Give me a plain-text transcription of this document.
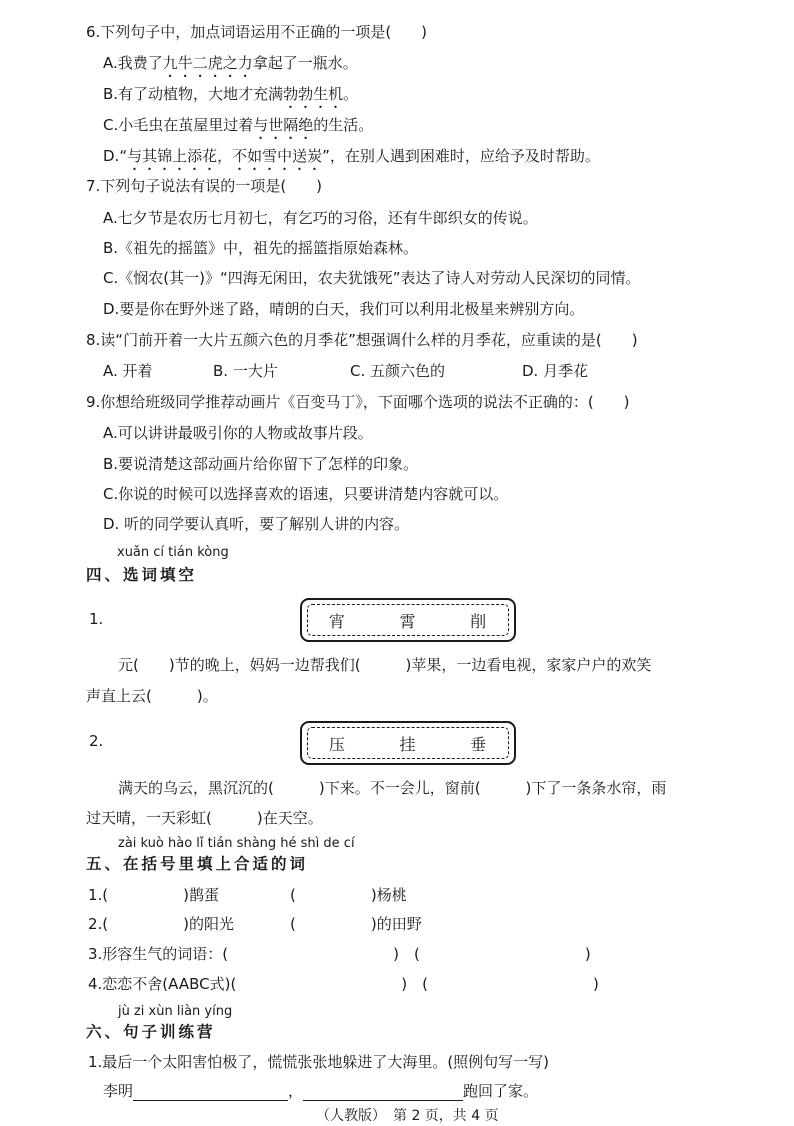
6.下列句子中，加点词语运用不正确的一项是(　　)
A.我费了九牛二虎之力拿起了一瓶水。
B.有了动植物，大地才充满勃勃生机。
C.小毛虫在茧屋里过着与世隔绝的生活。
D.“与其锦上添花，不如雪中送炭”，在别人遇到困难时，应给予及时帮助。
7.下列句子说法有误的一项是(　　)
A.七夕节是农历七月初七，有乞巧的习俗，还有牛郎织女的传说。
B.《祖先的摇篮》中，祖先的摇篮指原始森林。
C.《悯农(其一)》“四海无闲田，农夫犹饿死”表达了诗人对劳动人民深切的同情。
D.要是你在野外迷了路，晴朗的白天，我们可以利用北极星来辨别方向。
8.读“门前开着一大片五颜六色的月季花”想强调什么样的月季花，应重读的是(　　)
A. 开着	B. 一大片	C. 五颜六色的	D. 月季花
9.你想给班级同学推荐动画片《百变马丁》，下面哪个选项的说法不正确的：(　　)
A.可以讲讲最吸引你的人物或故事片段。
B.要说清楚这部动画片给你留下了怎样的印象。
C.你说的时候可以选择喜欢的语速，只要讲清楚内容就可以。
D. 听的同学要认真听，要了解别人讲的内容。
xuǎn cí tián kòng
四、选词填空
1.	宵	霄	削
元(　　)节的晚上，妈妈一边帮我们(　　　)苹果，一边看电视，家家户户的欢笑
声直上云(　　　)。
2.	压	挂	垂
满天的乌云，黑沉沉的(　　　)下来。不一会儿，窗前(　　　)下了一条条水帘，雨
过天晴，一天彩虹(　　　)在天空。
zài kuò hào lǐ tián shàng hé shì de cí
五、在括号里填上合适的词
1.(　　　　　)鹊蛋	(　　　　　)杨桃
2.(　　　　　)的阳光	(　　　　　)的田野
3.形容生气的词语：(　　　　　　　　　　　)　(　　　　　　　　　　　)
4.恋恋不舍(AABC式)(　　　　　　　　　　　)　(　　　　　　　　　　　)
jù zi xùn liàn yíng
六、句子训练营
1.最后一个太阳害怕极了，慌慌张张地躲进了大海里。(照例句写一写)
李明	，	跑回了家。
（人教版）　第 2 页，共 4 页
